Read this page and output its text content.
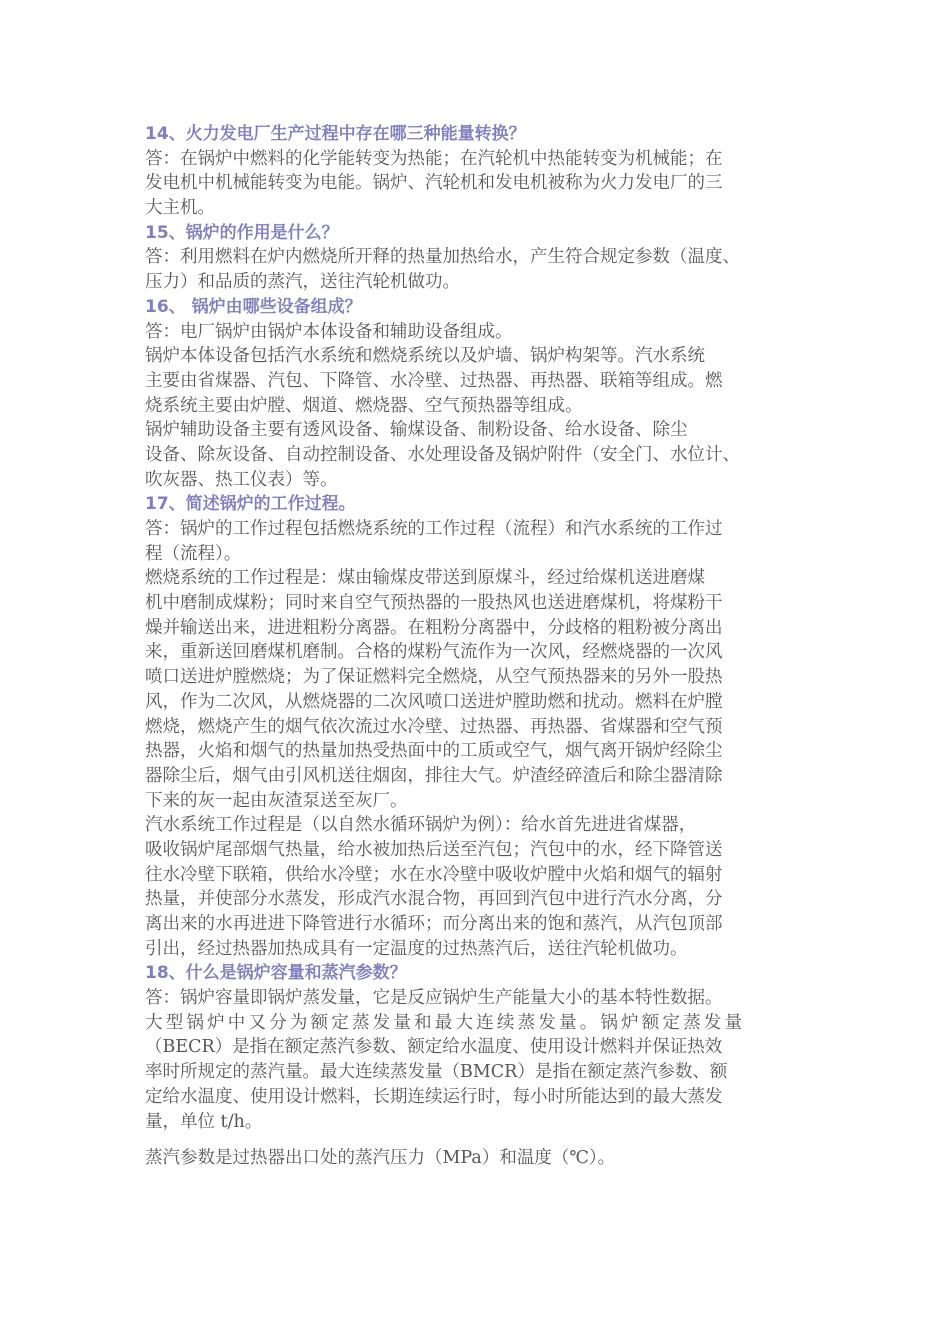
14、火力发电厂生产过程中存在哪三种能量转换？
答：在锅炉中燃料的化学能转变为热能；在汽轮机中热能转变为机械能；在
发电机中机械能转变为电能。锅炉、汽轮机和发电机被称为火力发电厂的三
大主机。
15、锅炉的作用是什么？
答：利用燃料在炉内燃烧所开释的热量加热给水，产生符合规定参数（温度、
压力）和品质的蒸汽，送往汽轮机做功。
16、 锅炉由哪些设备组成？
答：电厂锅炉由锅炉本体设备和辅助设备组成。
锅炉本体设备包括汽水系统和燃烧系统以及炉墙、锅炉构架等。汽水系统
主要由省煤器、汽包、下降管、水冷壁、过热器、再热器、联箱等组成。燃
烧系统主要由炉膛、烟道、燃烧器、空气预热器等组成。
锅炉辅助设备主要有透风设备、输煤设备、制粉设备、给水设备、除尘
设备、除灰设备、自动控制设备、水处理设备及锅炉附件（安全门、水位计、
吹灰器、热工仪表）等。
17、简述锅炉的工作过程。
答：锅炉的工作过程包括燃烧系统的工作过程（流程）和汽水系统的工作过
程（流程）。
燃烧系统的工作过程是：煤由输煤皮带送到原煤斗，经过给煤机送进磨煤
机中磨制成煤粉；同时来自空气预热器的一股热风也送进磨煤机，将煤粉干
燥并输送出来，进进粗粉分离器。在粗粉分离器中，分歧格的粗粉被分离出
来，重新送回磨煤机磨制。合格的煤粉气流作为一次风，经燃烧器的一次风
喷口送进炉膛燃烧；为了保证燃料完全燃烧，从空气预热器来的另外一股热
风，作为二次风，从燃烧器的二次风喷口送进炉膛助燃和扰动。燃料在炉膛
燃烧，燃烧产生的烟气依次流过水冷壁、过热器、再热器、省煤器和空气预
热器，火焰和烟气的热量加热受热面中的工质或空气，烟气离开锅炉经除尘
器除尘后，烟气由引风机送往烟囱，排往大气。炉渣经碎渣后和除尘器清除
下来的灰一起由灰渣泵送至灰厂。
汽水系统工作过程是（以自然水循环锅炉为例）：给水首先进进省煤器，
吸收锅炉尾部烟气热量，给水被加热后送至汽包；汽包中的水，经下降管送
往水冷壁下联箱，供给水冷壁；水在水冷壁中吸收炉膛中火焰和烟气的辐射
热量，并使部分水蒸发，形成汽水混合物，再回到汽包中进行汽水分离，分
离出来的水再进进下降管进行水循环；而分离出来的饱和蒸汽，从汽包顶部
引出，经过热器加热成具有一定温度的过热蒸汽后，送往汽轮机做功。
18、什么是锅炉容量和蒸汽参数？
答：锅炉容量即锅炉蒸发量，它是反应锅炉生产能量大小的基本特性数据。
大型锅炉中又分为额定蒸发量和最大连续蒸发量。锅炉额定蒸发量
（BECR）是指在额定蒸汽参数、额定给水温度、使用设计燃料并保证热效
率时所规定的蒸汽量。最大连续蒸发量（BMCR）是指在额定蒸汽参数、额
定给水温度、使用设计燃料，长期连续运行时，每小时所能达到的最大蒸发
量，单位 t/h。
蒸汽参数是过热器出口处的蒸汽压力（MPa）和温度（℃）。
